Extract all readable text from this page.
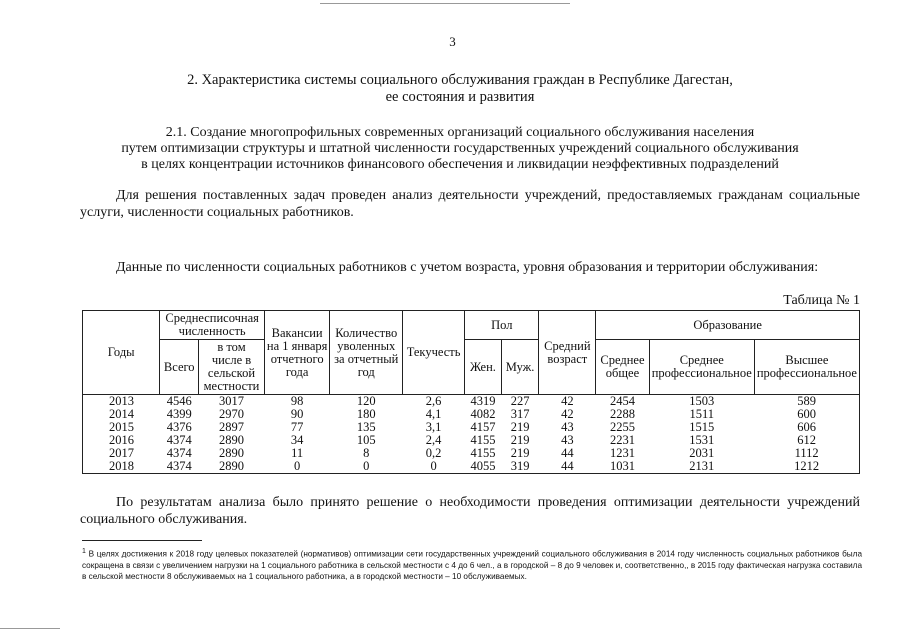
3
2. Характеристика системы социального обслуживания граждан в Республике Дагестан,
ее состояния и развития
2.1. Создание многопрофильных современных организаций социального обслуживания населения
путем оптимизации структуры и штатной численности государственных учреждений социального обслуживания
в целях концентрации источников финансового обеспечения и ликвидации неэффективных подразделений
Для решения поставленных задач проведен анализ деятельности учреждений, предоставляемых гражданам социальные услуги, численности социальных работников.
Данные по численности социальных работников с учетом возраста, уровня образования и территории обслуживания:
Таблица № 1
Годы	Среднесписочная численность		Вакансии на 1 января отчетного года	Количество уволенных за отчетный год	Текучесть	Пол		Средний возраст	Образование		
	Всего	в том числе в сельской местности				Жен.	Муж.		Среднее общее	Среднее профессиональное	Высшее профессиональное
2013	4546	3017	98	120	2,6	4319	227	42	2454	1503	589
2014	4399	2970	90	180	4,1	4082	317	42	2288	1511	600
2015	4376	2897	77	135	3,1	4157	219	43	2255	1515	606
2016	4374	2890	34	105	2,4	4155	219	43	2231	1531	612
2017	4374	2890	11	8	0,2	4155	219	44	1231	2031	1112
2018	4374	2890	0	0	0	4055	319	44	1031	2131	1212
По результатам анализа было принято решение о необходимости проведения оптимизации деятельности учреждений социального обслуживания.
$^1$ В целях достижения к 2018 году целевых показателей (нормативов) оптимизации сети государственных учреждений социального обслуживания в 2014 году численность социальных работников была сокращена в связи с увеличением нагрузки на 1 социального работника в сельской местности с 4 до 6 чел., а в городской – 8 до 9 человек и, соответственно,, в 2015 году фактическая нагрузка составила в сельской местности 8 обслуживаемых на 1 социального работника, а в городской местности – 10 обслуживаемых.
